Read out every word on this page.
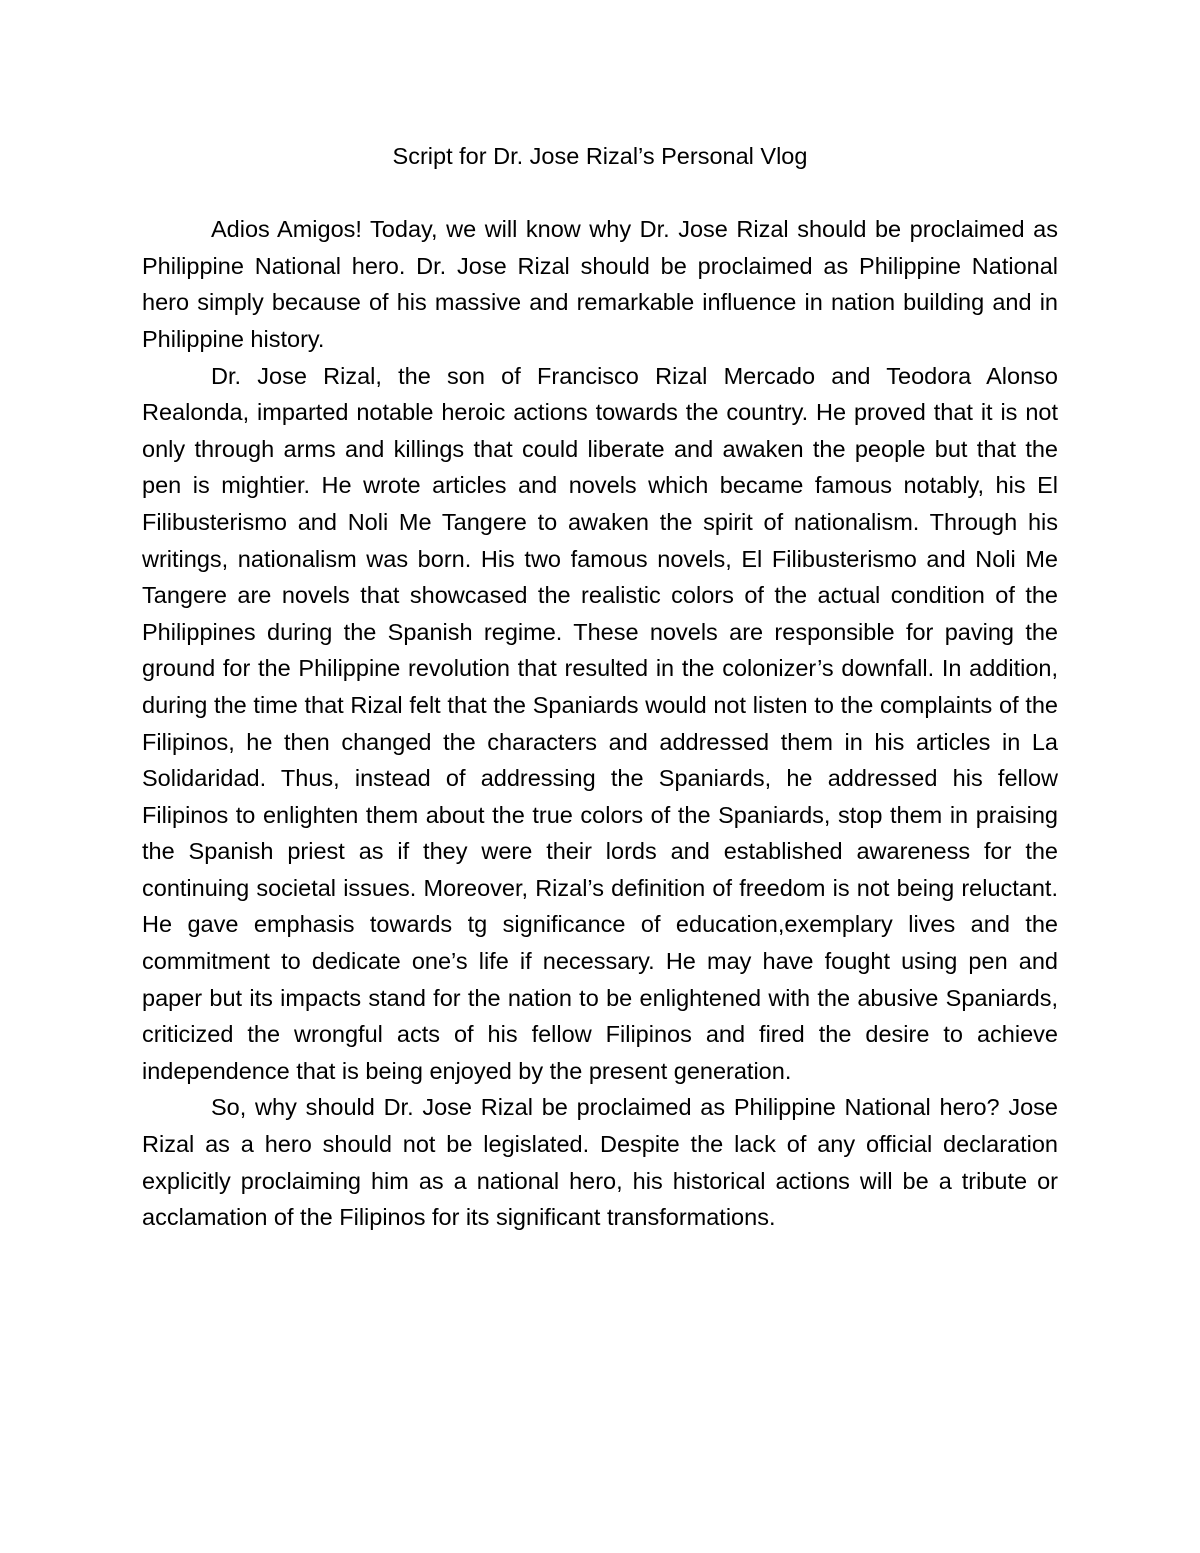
Script for Dr. Jose Rizal’s Personal Vlog

Adios Amigos! Today, we will know why Dr. Jose Rizal should be proclaimed as Philippine National hero. Dr. Jose Rizal should be proclaimed as Philippine National hero simply because of his massive and remarkable influence in nation building and in Philippine history.

Dr. Jose Rizal, the son of Francisco Rizal Mercado and Teodora Alonso Realonda, imparted notable heroic actions towards the country. He proved that it is not only through arms and killings that could liberate and awaken the people but that the pen is mightier. He wrote articles and novels which became famous notably, his El Filibusterismo and Noli Me Tangere to awaken the spirit of nationalism. Through his writings, nationalism was born. His two famous novels, El Filibusterismo and Noli Me Tangere are novels that showcased the realistic colors of the actual condition of the Philippines during the Spanish regime. These novels are responsible for paving the ground for the Philippine revolution that resulted in the colonizer’s downfall. In addition, during the time that Rizal felt that the Spaniards would not listen to the complaints of the Filipinos, he then changed the characters and addressed them in his articles in La Solidaridad. Thus, instead of addressing the Spaniards, he addressed his fellow Filipinos to enlighten them about the true colors of the Spaniards, stop them in praising the Spanish priest as if they were their lords and established awareness for the continuing societal issues. Moreover, Rizal’s definition of freedom is not being reluctant. He gave emphasis towards tg significance of education,exemplary lives and the commitment to dedicate one’s life if necessary. He may have fought using pen and paper but its impacts stand for the nation to be enlightened with the abusive Spaniards, criticized the wrongful acts of his fellow Filipinos and fired the desire to achieve independence that is being enjoyed by the present generation.

So, why should Dr. Jose Rizal be proclaimed as Philippine National hero? Jose Rizal as a hero should not be legislated. Despite the lack of any official declaration explicitly proclaiming him as a national hero, his historical actions will be a tribute or acclamation of the Filipinos for its significant transformations.
